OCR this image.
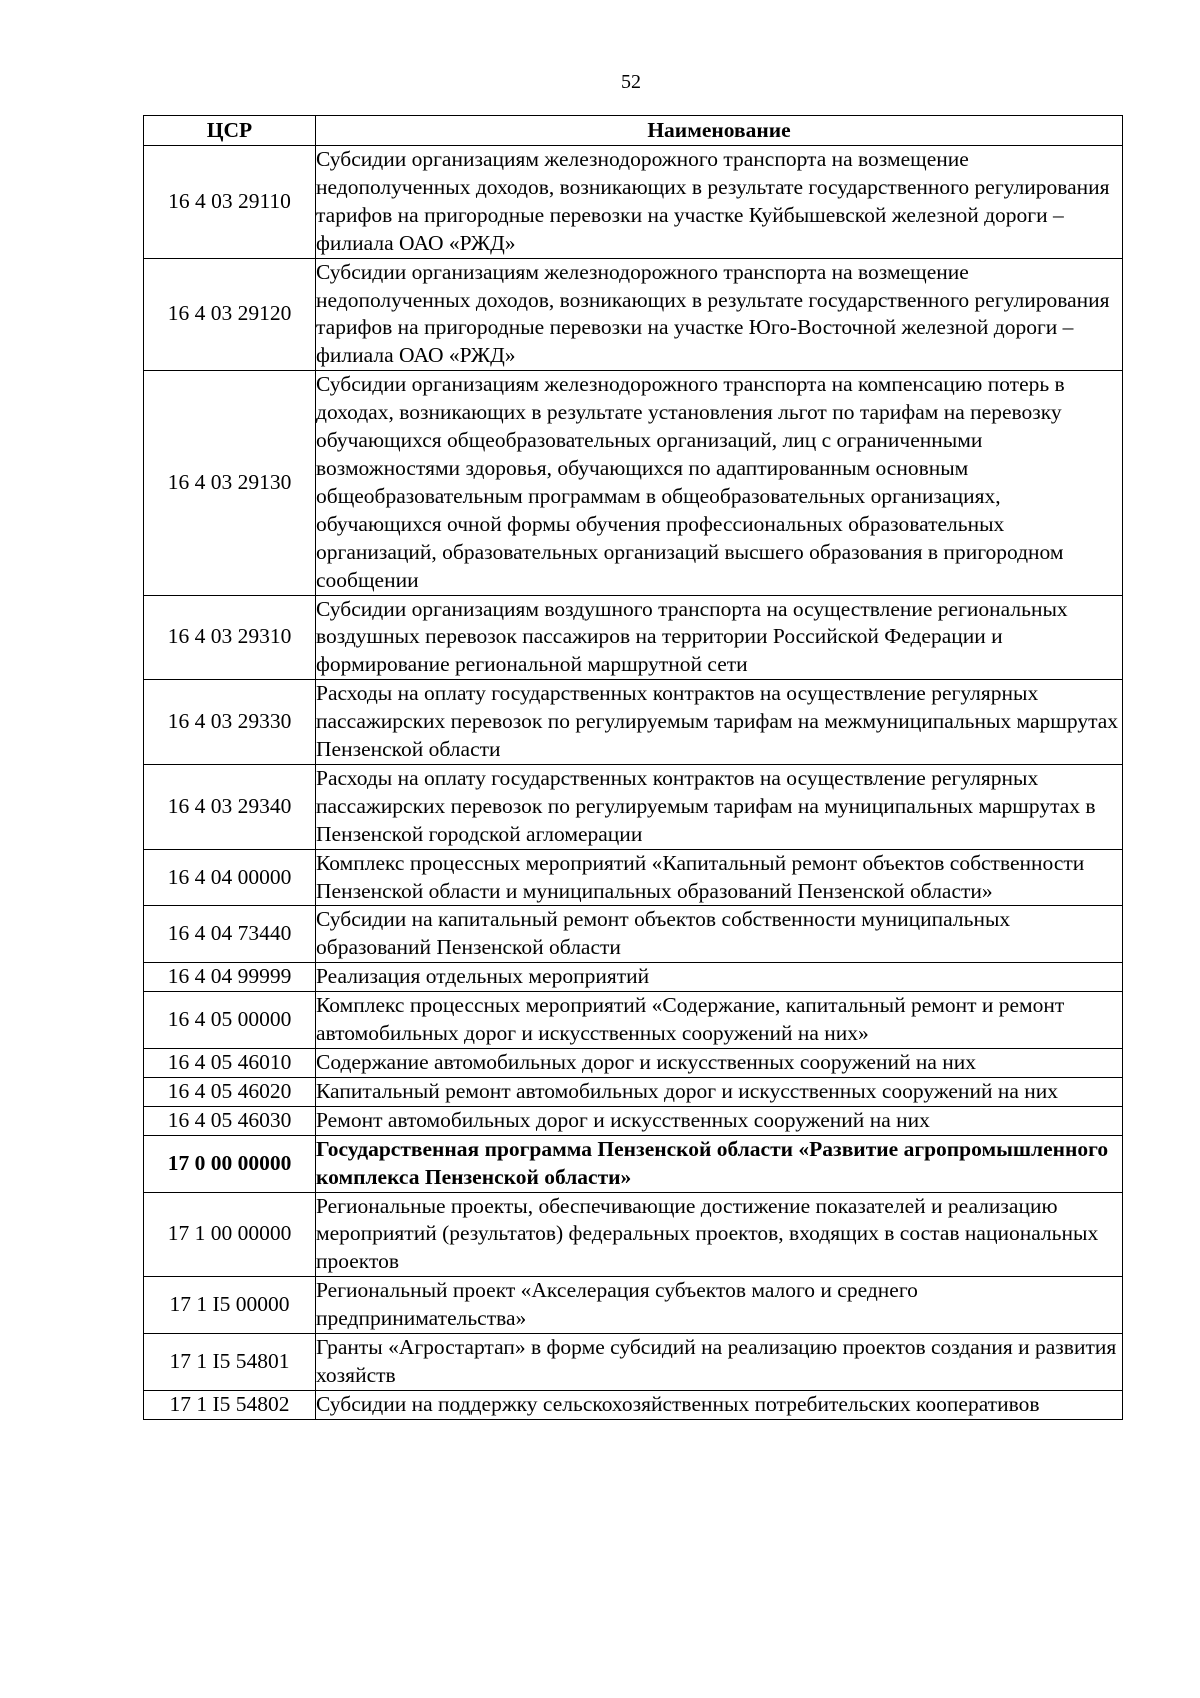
52
ЦСР	Наименование
16 4 03 29110	Субсидии организациям железнодорожного транспорта на возмещение недополученных доходов, возникающих в результате государственного регулирования тарифов на пригородные перевозки на участке Куйбышевской железной дороги – филиала ОАО «РЖД»
16 4 03 29120	Субсидии организациям железнодорожного транспорта на возмещение недополученных доходов, возникающих в результате государственного регулирования тарифов на пригородные перевозки на участке Юго-Восточной железной дороги – филиала ОАО «РЖД»
16 4 03 29130	Субсидии организациям железнодорожного транспорта на компенсацию потерь в доходах, возникающих в результате установления льгот по тарифам на перевозку обучающихся общеобразовательных организаций, лиц с ограниченными возможностями здоровья, обучающихся по адаптированным основным общеобразовательным программам в общеобразовательных организациях, обучающихся очной формы обучения профессиональных образовательных организаций, образовательных организаций высшего образования в пригородном сообщении
16 4 03 29310	Субсидии организациям воздушного транспорта на осуществление региональных воздушных перевозок пассажиров на территории Российской Федерации и формирование региональной маршрутной сети
16 4 03 29330	Расходы на оплату государственных контрактов на осуществление регулярных пассажирских перевозок по регулируемым тарифам на межмуниципальных маршрутах Пензенской области
16 4 03 29340	Расходы на оплату государственных контрактов на осуществление регулярных пассажирских перевозок по регулируемым тарифам на муниципальных маршрутах в Пензенской городской агломерации
16 4 04 00000	Комплекс процессных мероприятий «Капитальный ремонт объектов собственности Пензенской области и муниципальных образований Пензенской области»
16 4 04 73440	Субсидии на капитальный ремонт объектов собственности муниципальных образований Пензенской области
16 4 04 99999	Реализация отдельных мероприятий
16 4 05 00000	Комплекс процессных мероприятий «Содержание, капитальный ремонт и ремонт автомобильных дорог и искусственных сооружений на них»
16 4 05 46010	Содержание автомобильных дорог и искусственных сооружений на них
16 4 05 46020	Капитальный ремонт автомобильных дорог и искусственных сооружений на них
16 4 05 46030	Ремонт автомобильных дорог и искусственных сооружений на них
17 0 00 00000	Государственная программа Пензенской области «Развитие агропромышленного комплекса Пензенской области»
17 1 00 00000	Региональные проекты, обеспечивающие достижение показателей и реализацию мероприятий (результатов) федеральных проектов, входящих в состав национальных проектов
17 1 I5 00000	Региональный проект «Акселерация субъектов малого и среднего предпринимательства»
17 1 I5 54801	Гранты «Агростартап» в форме субсидий на реализацию проектов создания и развития хозяйств
17 1 I5 54802	Субсидии на поддержку сельскохозяйственных потребительских кооперативов
